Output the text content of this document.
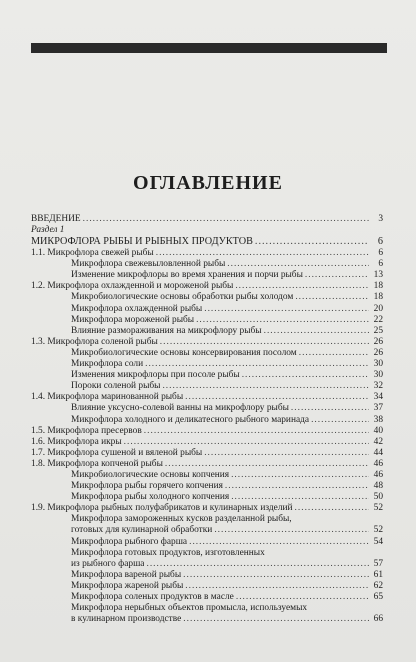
ОГЛАВЛЕНИЕ
ВВЕДЕНИЕ .....	3
Раздел 1
МИКРОФЛОРА РЫБЫ И РЫБНЫХ ПРОДУКТОВ .....	6
1.1. Микрофлора свежей рыбы .....	6
Микрофлора свежевыловленной рыбы .....	6
Изменение микрофлоры во время хранения и порчи рыбы .....	13
1.2. Микрофлора охлажденной и мороженой рыбы .....	18
Микробиологические основы обработки рыбы холодом .....	18
Микрофлора охлажденной рыбы .....	20
Микрофлора мороженой рыбы .....	22
Влияние размораживания на микрофлору рыбы .....	25
1.3. Микрофлора соленой рыбы .....	26
Микробиологические основы консервирования посолом .....	26
Микрофлора соли .....	30
Изменения микрофлоры при посоле рыбы .....	30
Пороки соленой рыбы .....	32
1.4. Микрофлора маринованной рыбы .....	34
Влияние уксусно-солевой ванны на микрофлору рыбы .....	37
Микрофлора холодного и деликатесного рыбного маринада .....	38
1.5. Микрофлора пресервов .....	40
1.6. Микрофлора икры .....	42
1.7. Микрофлора сушеной и вяленой рыбы .....	44
1.8. Микрофлора копченой рыбы .....	46
Микробиологические основы копчения .....	46
Микрофлора рыбы горячего копчения .....	48
Микрофлора рыбы холодного копчения .....	50
1.9. Микрофлора рыбных полуфабрикатов и кулинарных изделий .....	52
Микрофлора замороженных кусков разделанной рыбы,
готовых для кулинарной обработки .....	52
Микрофлора рыбного фарша .....	54
Микрофлора готовых продуктов, изготовленных
из рыбного фарша .....	57
Микрофлора вареной рыбы .....	61
Микрофлора жареной рыбы .....	62
Микрофлора соленых продуктов в масле .....	65
Микрофлора нерыбных объектов промысла, используемых
в кулинарном производстве .....	66
